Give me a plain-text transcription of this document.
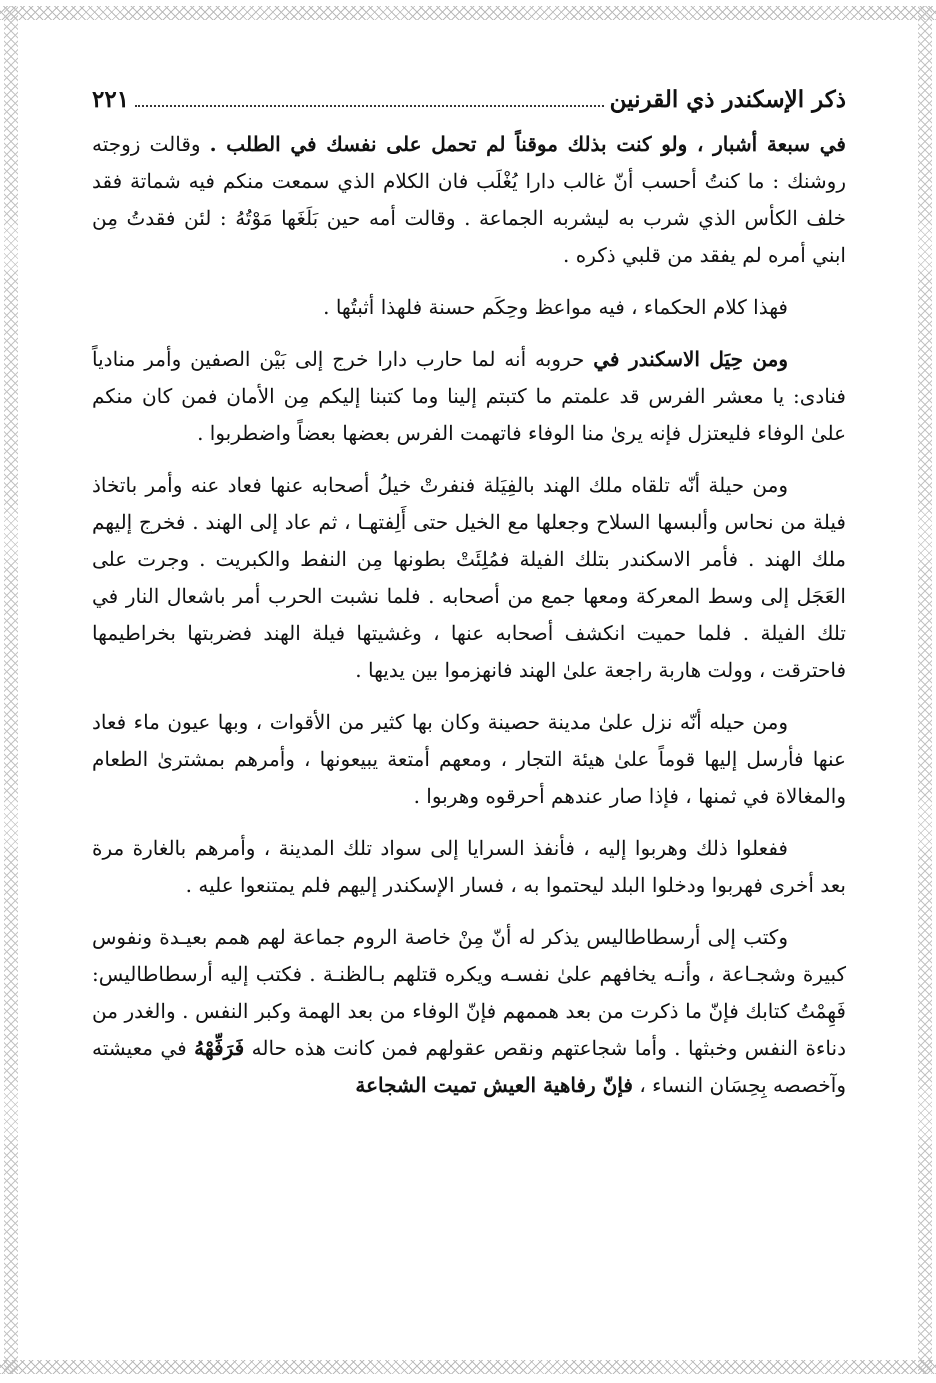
ذكر الإسكندر ذي القرنين
٢٢١

في سبعة أشبار ، ولو كنت بذلك موقناً لم تحمل على نفسك في الطلب . وقالت زوجته روشنك : ما كنتُ أحسب أنّ غالب دارا يُغْلَب فان الكلام الذي سمعت منكم فيه شماتة فقد خلف الكأس الذي شرب به ليشربه الجماعة . وقالت أمه حين بَلَغَها مَوْتُهُ : لئن فقدتُ مِن ابني أمره لم يفقد من قلبي ذكره .

فهذا كلام الحكماء ، فيه مواعظ وحِكَم حسنة فلهذا أثبتُها .

ومن حِيَل الاسكندر في حروبه أنه لما حارب دارا خرج إلى بَيْن الصفين وأمر منادياً فنادى: يا معشر الفرس قد علمتم ما كتبتم إلينا وما كتبنا إليكم مِن الأمان فمن كان منكم علىٰ الوفاء فليعتزل فإنه يرىٰ منا الوفاء فاتهمت الفرس بعضها بعضاً واضطربوا .

ومن حيلة أنّه تلقاه ملك الهند بالفِيَلة فنفرتْ خيلُ أصحابه عنها فعاد عنه وأمر باتخاذ فيلة من نحاس وألبسها السلاح وجعلها مع الخيل حتى أَلِفتهـا ، ثم عاد إلى الهند . فخرج إليهم ملك الهند . فأمر الاسكندر بتلك الفيلة فمُلِئَتْ بطونها مِن النفط والكبريت . وجرت على العَجَل إلى وسط المعركة ومعها جمع من أصحابه . فلما نشبت الحرب أمر باشعال النار في تلك الفيلة . فلما حميت انكشف أصحابه عنها ، وغشيتها فيلة الهند فضربتها بخراطيمها فاحترقت ، وولت هاربة راجعة علىٰ الهند فانهزموا بين يديها .

ومن حيله أنّه نزل علىٰ مدينة حصينة وكان بها كثير من الأقوات ، وبها عيون ماء فعاد عنها فأرسل إليها قوماً علىٰ هيئة التجار ، ومعهم أمتعة يبيعونها ، وأمرهم بمشترىٰ الطعام والمغالاة في ثمنها ، فإذا صار عندهم أحرقوه وهربوا .

ففعلوا ذلك وهربوا إليه ، فأنفذ السرايا إلى سواد تلك المدينة ، وأمرهم بالغارة مرة بعد أخرى فهربوا ودخلوا البلد ليحتموا به ، فسار الإسكندر إليهم فلم يمتنعوا عليه .

وكتب إلى أرسطاطاليس يذكر له أنّ مِنْ خاصة الروم جماعة لهم همم بعيـدة ونفوس كبيرة وشجـاعة ، وأنـه يخافهم علىٰ نفسـه ويكره قتلهم بـالظنـة . فكتب إليه أرسطاطاليس: فَهِمْتُ كتابك فإنّ ما ذكرت من بعد هممهم فإنّ الوفاء من بعد الهمة وكبر النفس . والغدر من دناءة النفس وخبثها . وأما شجاعتهم ونقص عقولهم فمن كانت هذه حاله فَرَفِّهْهُ في معيشته وآخصصه بِحِسَان النساء ، فإنّ رفاهية العيش تميت الشجاعة
